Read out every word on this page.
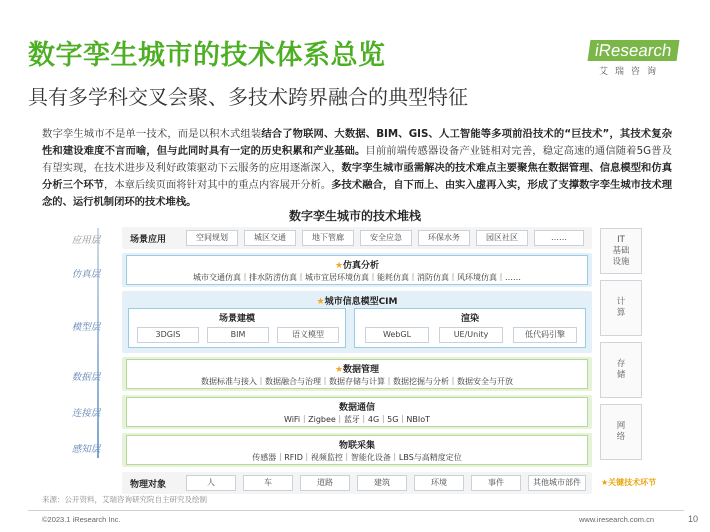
数字孪生城市的技术体系总览
具有多学科交叉会聚、多技术跨界融合的典型特征
iResearch
艾瑞咨询
数字孪生城市不是单一技术，而是以积木式组装结合了物联网、大数据、BIM、GIS、人工智能等多项前沿技术的“巨技术”，其技术复杂性和建设难度不言而喻，但与此同时具有一定的历史积累和产业基础。目前前端传感器设备产业链相对完善，稳定高速的通信随着5G普及有望实现，在技术进步及利好政策驱动下云服务的应用逐渐深入，数字孪生城市亟需解决的技术难点主要聚焦在数据管理、信息模型和仿真分析三个环节，本章后续页面将针对其中的重点内容展开分析。多技术融合，自下而上、由实入虚再入实，形成了支撑数字孪生城市技术理念的、运行机制闭环的技术堆栈。
数字孪生城市的技术堆栈
应用层
仿真层
模型层
数据层
连接层
感知层
场景应用	空间规划	城区交通	地下管廊	安全应急	环保水务	园区社区	……
★仿真分析
城市交通仿真｜排水防涝仿真｜城市宜居环境仿真｜能耗仿真｜消防仿真｜风环境仿真｜……
★城市信息模型CIM
场景建模
3DGIS	BIM	语义模型
渲染
WebGL	UE/Unity	低代码引擎
★数据管理
数据标准与接入｜数据融合与治理｜数据存储与计算｜数据挖掘与分析｜数据安全与开放
数据通信
WiFi｜Zigbee｜蓝牙｜4G｜5G｜NBIoT
物联采集
传感器｜RFID｜视频监控｜智能化设备｜LBS与高精度定位
物理对象	人	车	道路	建筑	环境	事件	其他城市部件
IT
基础
设施
计
算
存
储
网
络
★关键技术环节
来源：公开资料，艾瑞咨询研究院自主研究及绘制
©2023.1 iResearch Inc.	www.iresearch.com.cn	10
